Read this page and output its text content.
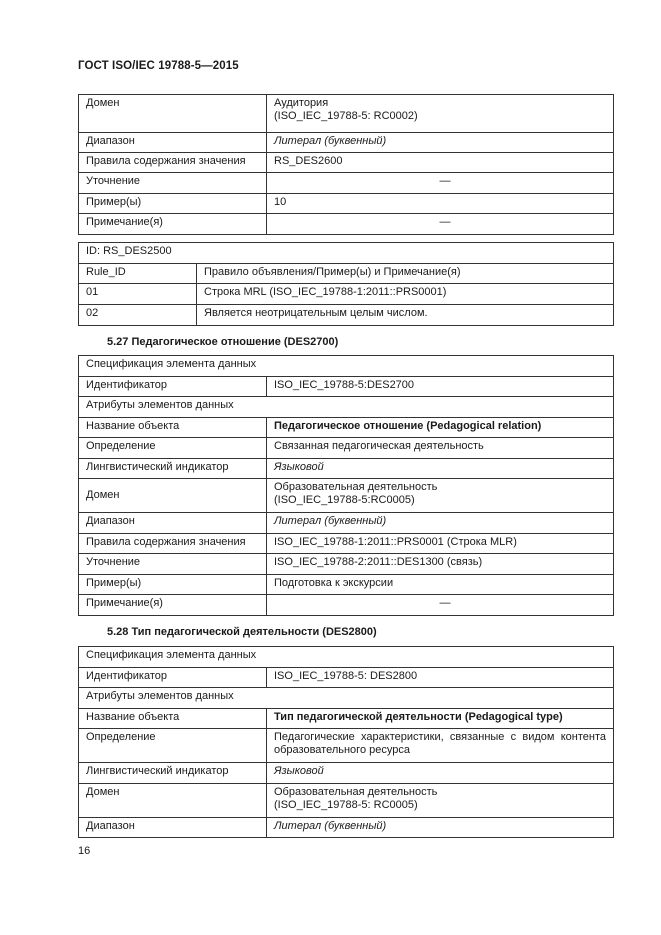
ГОСТ ISO/IEC 19788-5—2015
Домен	Аудитория
(ISO_IEC_19788-5: RC0002)

Диапазон	Литерал (буквенный)
Правила содержания значения	RS_DES2600
Уточнение	—
Пример(ы)	10
Примечание(я)	—
ID: RS_DES2500	
Rule_ID	Правило объявления/Пример(ы) и Примечание(я)
01	Строка MRL (ISO_IEC_19788-1:2011::PRS0001)
02	Является неотрицательным целым числом.
5.27 Педагогическое отношение (DES2700)
Спецификация элемента данных	
Идентификатор	ISO_IEC_19788-5:DES2700
Атрибуты элементов данных	
Название объекта	Педагогическое отношение (Pedagogical relation)
Определение	Связанная педагогическая деятельность
Лингвистический индикатор	Языковой
Домен	Образовательная деятельность
(ISO_IEC_19788-5:RC0005)

Диапазон	Литерал (буквенный)
Правила содержания значения	ISO_IEC_19788-1:2011::PRS0001 (Строка MLR)
Уточнение	ISO_IEC_19788-2:2011::DES1300 (связь)
Пример(ы)	Подготовка к экскурсии
Примечание(я)	—
5.28 Тип педагогической деятельности (DES2800)
Спецификация элемента данных	
Идентификатор	ISO_IEC_19788-5: DES2800
Атрибуты элементов данных	
Название объекта	Тип педагогической деятельности (Pedagogical type)
Определение	Педагогические характеристики, связанные с видом контента образовательного ресурса
Лингвистический индикатор	Языковой
Домен	Образовательная деятельность
(ISO_IEC_19788-5: RC0005)

Диапазон	Литерал (буквенный)
16
